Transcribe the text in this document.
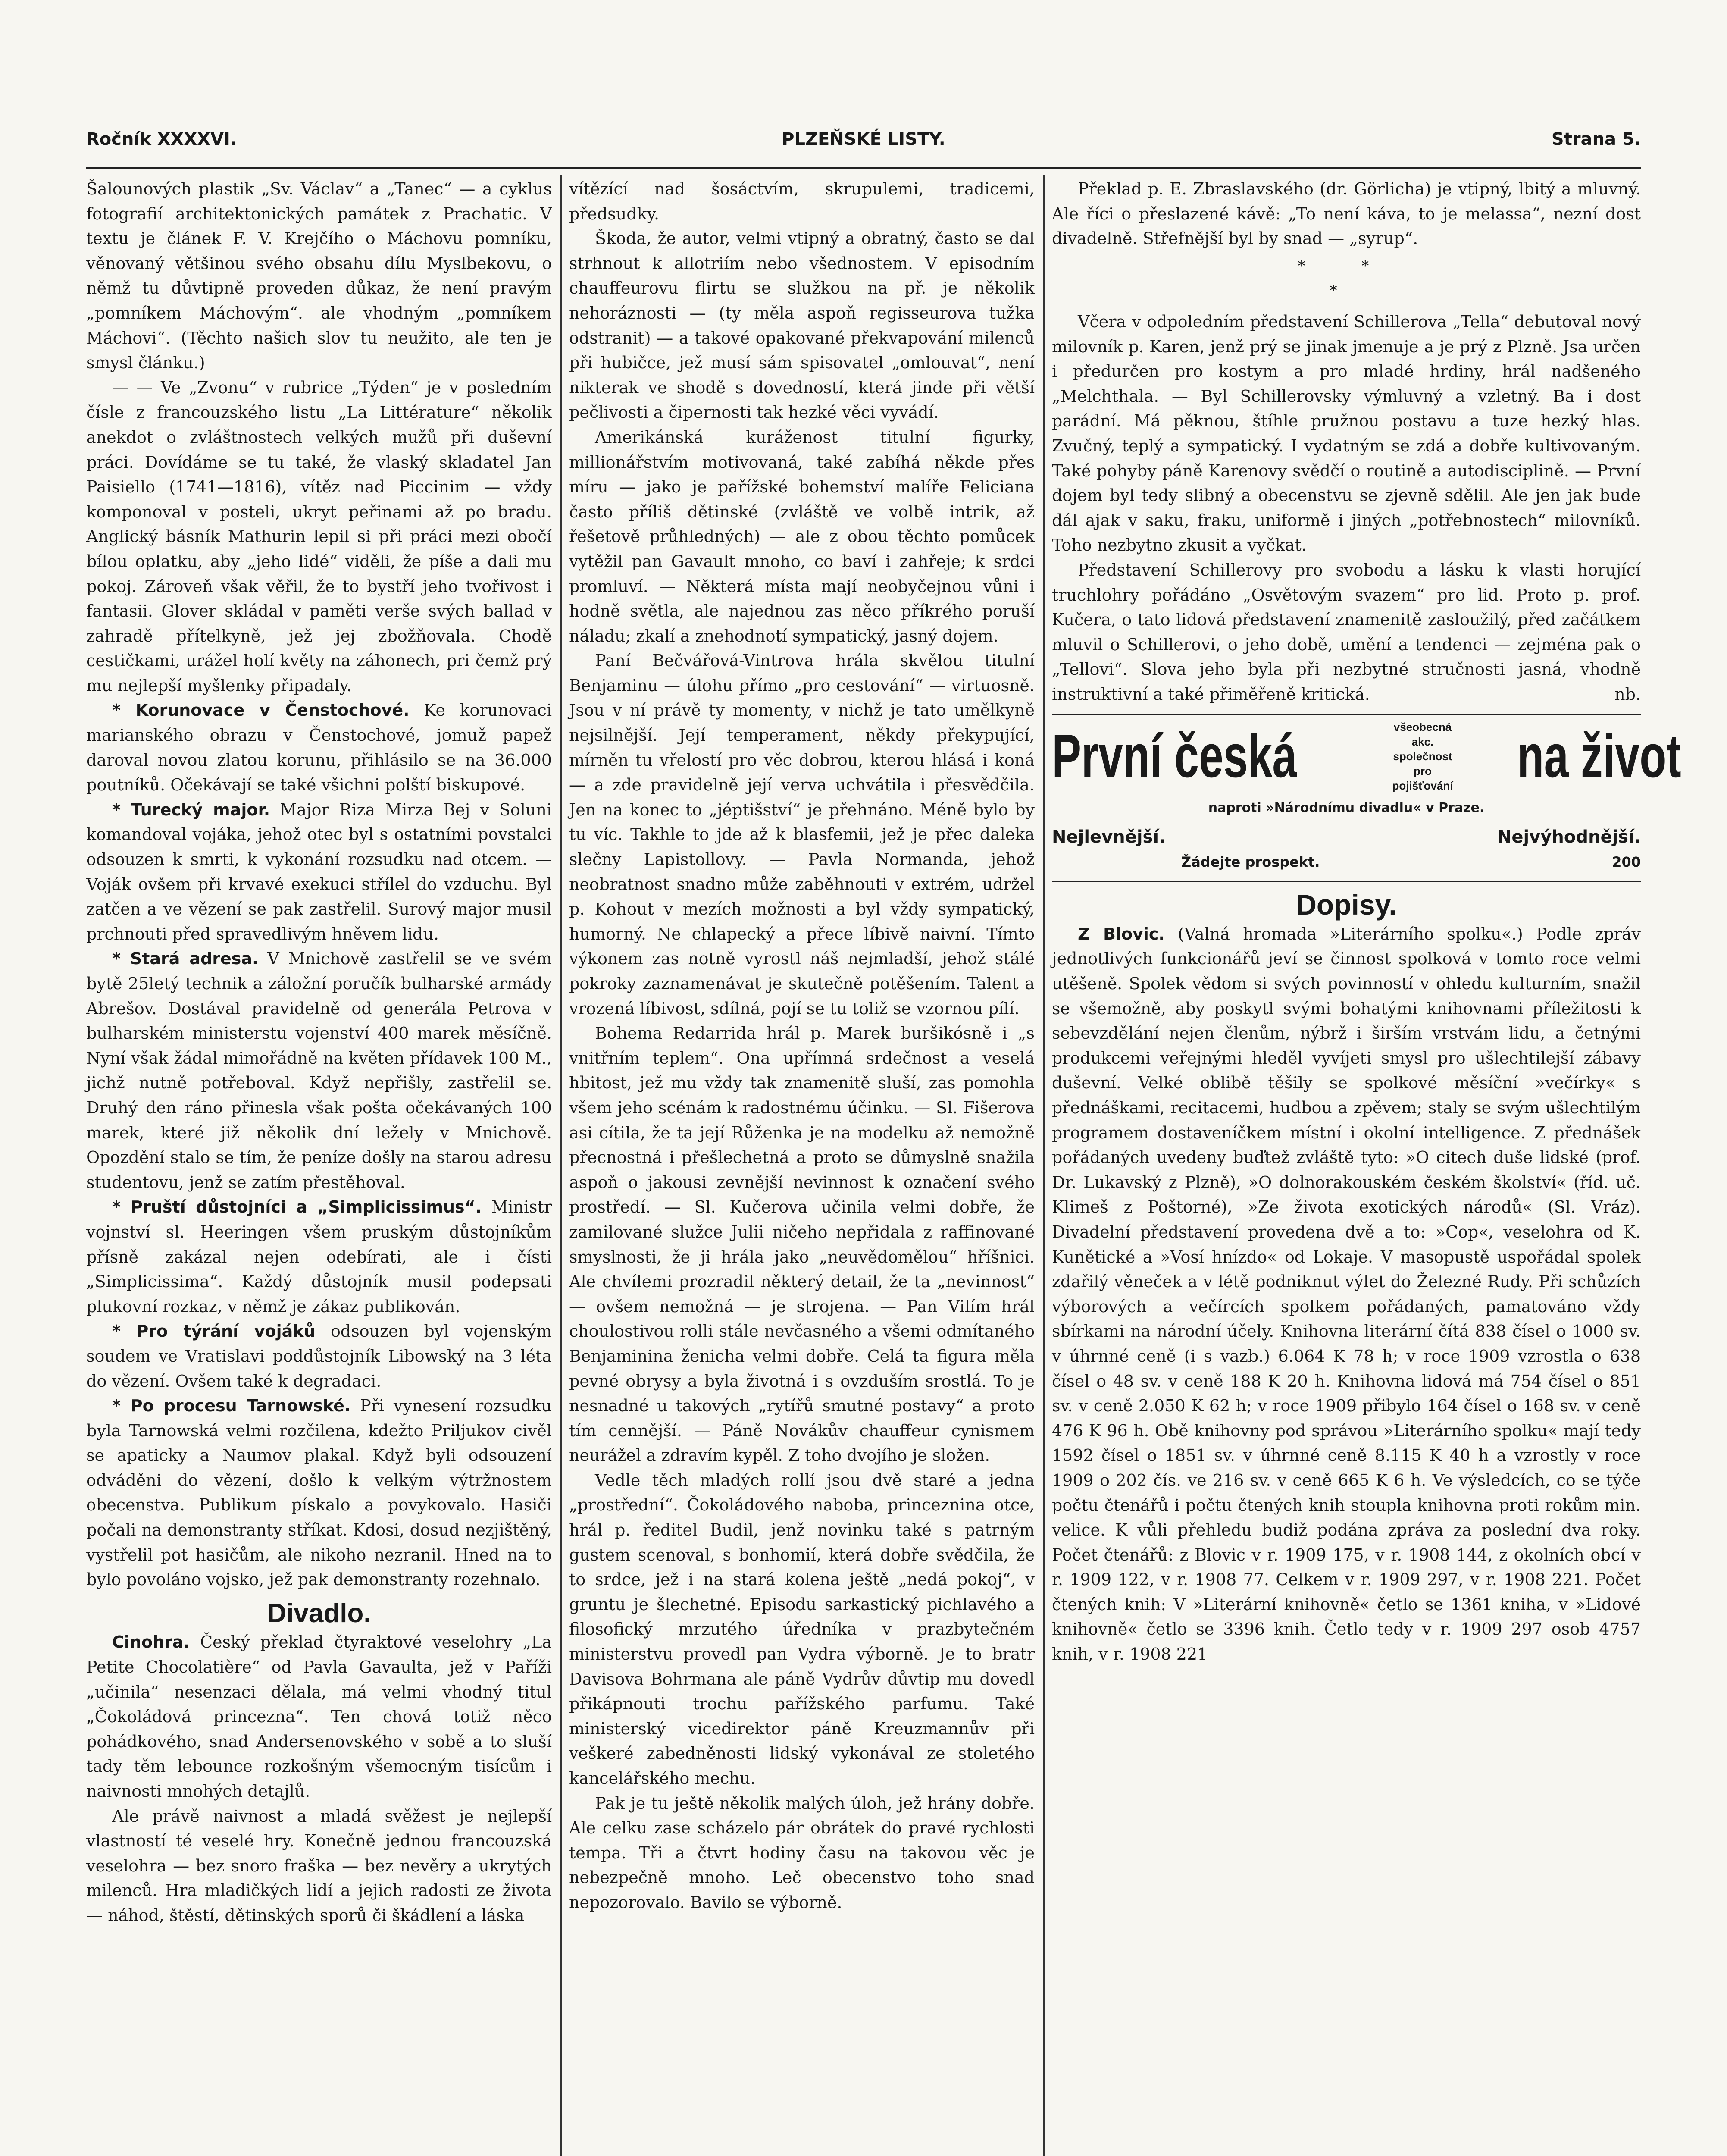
Ročník XXXXVI.	PLZEŇSKÉ LISTY.	Strana 5.

Šalounových plastik „Sv. Václav“ a „Tanec“ — a cyklus fotografií architektonických památek z Prachatic. V textu je článek F. V. Krejčího o Máchovu pomníku, věnovaný většinou svého obsahu dílu Myslbekovu, o němž tu důvtipně proveden důkaz, že není pravým „pomníkem Máchovým“. ale vhodným „pomníkem Máchovi“. (Těchto našich slov tu neužito, ale ten je smysl článku.)

— — Ve „Zvonu“ v rubrice „Týden“ je v posledním čísle z francouzského listu „La Littérature“ několik anekdot o zvláštnostech velkých mužů při duševní práci. Dovídáme se tu také, že vlaský skladatel Jan Paisiello (1741—1816), vítěz nad Piccinim — vždy komponoval v posteli, ukryt peřinami až po bradu. Anglický básník Mathurin lepil si při práci mezi obočí bílou oplatku, aby „jeho lidé“ viděli, že píše a dali mu pokoj. Zároveň však věřil, že to bystří jeho tvořivost i fantasii. Glover skládal v paměti verše svých ballad v zahradě přítelkyně, jež jej zbožňovala. Chodě cestičkami, urážel holí květy na záhonech, pri čemž prý mu nejlepší myšlenky připadaly.

* Korunovace v Čenstochové. Ke korunovaci marianského obrazu v Čenstochové, jomuž papež daroval novou zlatou korunu, přihlásilo se na 36.000 poutníků. Očekávají se také všichni polští biskupové.

* Turecký major. Major Riza Mirza Bej v Soluni komandoval vojáka, jehož otec byl s ostatními povstalci odsouzen k smrti, k vykonání rozsudku nad otcem. — Voják ovšem při krvavé exekuci střílel do vzduchu. Byl zatčen a ve vězení se pak zastřelil. Surový major musil prchnouti před spravedlivým hněvem lidu.

* Stará adresa. V Mnichově zastřelil se ve svém bytě 25letý technik a záložní poručík bulharské armády Abrešov. Dostával pravidelně od generála Petrova v bulharském ministerstu vojenství 400 marek měsíčně. Nyní však žádal mimořádně na květen přídavek 100 M., jichž nutně potřeboval. Když nepřišly, zastřelil se. Druhý den ráno přinesla však pošta očekávaných 100 marek, které již několik dní ležely v Mnichově. Opozdění stalo se tím, že peníze došly na starou adresu studentovu, jenž se zatím přestěhoval.

* Pruští důstojníci a „Simplicissimus“. Ministr vojnství sl. Heeringen všem pruským důstojníkům přísně zakázal nejen odebírati, ale i čísti „Simplicissima“. Každý důstojník musil podepsati plukovní rozkaz, v němž je zákaz publikován.

* Pro týrání vojáků odsouzen byl vojenským soudem ve Vratislavi poddůstojník Libowský na 3 léta do vězení. Ovšem také k degradaci.

* Po procesu Tarnowské. Při vynesení rozsudku byla Tarnowská velmi rozčilena, kdežto Priljukov civěl se apaticky a Naumov plakal. Když byli odsouzení odváděni do vězení, došlo k velkým výtržnostem obecenstva. Publikum pískalo a povykovalo. Hasiči počali na demonstranty stříkat. Kdosi, dosud nezjištěný, vystřelil pot hasičům, ale nikoho nezranil. Hned na to bylo povoláno vojsko, jež pak demonstranty rozehnalo.

Divadlo.

Cinohra. Český překlad čtyraktové veselohry „La Petite Chocolatière“ od Pavla Gavaulta, jež v Paříži „učinila“ nesenzaci dělala, má velmi vhodný titul „Čokoládová princezna“. Ten chová totiž něco pohádkového, snad Andersenovského v sobě a to sluší tady těm lebounce rozkošným všemocným tisícům i naivnosti mnohých detajlů.

Ale právě naivnost a mladá svěžest je nejlepší vlastností té veselé hry. Konečně jednou francouzská veselohra — bez snoro fraška — bez nevěry a ukrytých milenců. Hra mladičkých lidí a jejich radosti ze života — náhod, štěstí, dětinských sporů či škádlení a láska

vítězící nad šosáctvím, skrupulemi, tradicemi, předsudky.

Škoda, že autor, velmi vtipný a obratný, často se dal strhnout k allotriím nebo všednostem. V episodním chauffeurovu flirtu se služkou na př. je několik nehoráznosti — (ty měla aspoň regisseurova tužka odstranit) — a takové opakované překvapování milenců při hubičce, jež musí sám spisovatel „omlouvat“, není nikterak ve shodě s dovedností, která jinde při větší pečlivosti a čipernosti tak hezké věci vyvádí.

Amerikánská kuráženost titulní figurky, millionářstvím motivovaná, také zabíhá někde přes míru — jako je pařížské bohemství malíře Feliciana často příliš dětinské (zvláště ve volbě intrik, až řešetově průhledných) — ale z obou těchto pomůcek vytěžil pan Gavault mnoho, co baví i zahřeje; k srdci promluví. — Některá místa mají neobyčejnou vůni i hodně světla, ale najednou zas něco příkrého poruší náladu; zkalí a znehodnotí sympatický, jasný dojem.

Paní Bečvářová-Vintrova hrála skvělou titulní Benjaminu — úlohu přímo „pro cestování“ — virtuosně. Jsou v ní právě ty momenty, v nichž je tato umělkyně nejsilnější. Její temperament, někdy překypující, mírněn tu vřelostí pro věc dobrou, kterou hlásá i koná — a zde pravidelně její verva uchvátila i přesvědčila. Jen na konec to „jéptišství“ je přehnáno. Méně bylo by tu víc. Takhle to jde až k blasfemii, jež je přec daleka slečny Lapistollovy. — Pavla Normanda, jehož neobratnost snadno může zaběhnouti v extrém, udržel p. Kohout v mezích možnosti a byl vždy sympatický, humorný. Ne chlapecký a přece líbivě naivní. Tímto výkonem zas notně vyrostl náš nejmladší, jehož stálé pokroky zaznamenávat je skutečně potěšením. Talent a vrozená líbivost, sdílná, pojí se tu toliž se vzornou pílí.

Bohema Redarrida hrál p. Marek buršikósně i „s vnitřním teplem“. Ona upřímná srdečnost a veselá hbitost, jež mu vždy tak znamenitě sluší, zas pomohla všem jeho scénám k radostnému účinku. — Sl. Fišerova asi cítila, že ta její Růženka je na modelku až nemožně přecnostná i přešlechetná a proto se důmyslně snažila aspoň o jakousi zevnější nevinnost k označení svého prostředí. — Sl. Kučerova učinila velmi dobře, že zamilované služce Julii ničeho nepřidala z raffinované smyslnosti, že ji hrála jako „neuvědomělou“ hříšnici. Ale chvílemi prozradil některý detail, že ta „nevinnost“ — ovšem nemožná — je strojena. — Pan Vilím hrál choulostivou rolli stále nevčasného a všemi odmítaného Benjaminina ženicha velmi dobře. Celá ta figura měla pevné obrysy a byla životná i s ovzduším srostlá. To je nesnadné u takových „rytířů smutné postavy“ a proto tím cennější. — Páně Novákův chauffeur cynismem neurážel a zdravím kypěl. Z toho dvojího je složen.

Vedle těch mladých rollí jsou dvě staré a jedna „prostřední“. Čokoládového naboba, princeznina otce, hrál p. ředitel Budil, jenž novinku také s patrným gustem scenoval, s bonhomií, která dobře svědčila, že to srdce, jež i na stará kolena ještě „nedá pokoj“, v gruntu je šlechetné. Episodu sarkastický pichlavého a filosofický mrzutého úředníka v prazbytečném ministerstvu provedl pan Vydra výborně. Je to bratr Davisova Bohrmana ale páně Vydrův důvtip mu dovedl přikápnouti trochu pařížského parfumu. Také ministerský vicedirektor páně Kreuzmannův při veškeré zabedněnosti lidský vykonával ze stoletého kancelářského mechu.

Pak je tu ještě několik malých úloh, jež hrány dobře. Ale celku zase scházelo pár obrátek do pravé rychlosti tempa. Tři a čtvrt hodiny času na takovou věc je nebezpečně mnoho. Leč obecenstvo toho snad nepozorovalo. Bavilo se výborně.

Překlad p. E. Zbraslavského (dr. Görlicha) je vtipný, lbitý a mluvný. Ale říci o přeslazené kávě: „To není káva, to je melassa“, nezní dost divadelně. Střefnější byl by snad — „syrup“.

* *
*

Včera v odpoledním představení Schillerova „Tella“ debutoval nový milovník p. Karen, jenž prý se jinak jmenuje a je prý z Plzně. Jsa určen i předurčen pro kostym a pro mladé hrdiny, hrál nadšeného „Melchthala. — Byl Schillerovsky výmluvný a vzletný. Ba i dost parádní. Má pěknou, štíhle pružnou postavu a tuze hezký hlas. Zvučný, teplý a sympatický. I vydatným se zdá a dobře kultivovaným. Také pohyby páně Karenovy svědčí o routině a autodisciplině. — První dojem byl tedy slibný a obecenstvu se zjevně sdělil. Ale jen jak bude dál ajak v saku, fraku, uniformě i jiných „potřebnostech“ milovníků. Toho nezbytno zkusit a vyčkat.

Představení Schillerovy pro svobodu a lásku k vlasti horující truchlohry pořádáno „Osvětovým svazem“ pro lid. Proto p. prof. Kučera, o tato lidová představení znamenitě zasloužilý, před začátkem mluvil o Schillerovi, o jeho době, umění a tendenci — zejména pak o „Tellovi“. Slova jeho byla při nezbytné stručnosti jasná, vhodně instruktivní a také přiměřeně kritická.	nb.

První česká	všeobecná akc.
společnost
pro pojišťování na život
naproti »Národnímu divadlu« v Praze.
Nejlevnější.	Nejvýhodnější.
Žádejte prospekt.	200
Dopisy.

Z Blovic. (Valná hromada »Literárního spolku«.) Podle zpráv jednotlivých funkcionářů jeví se činnost spolková v tomto roce velmi utěšeně. Spolek vědom si svých povinností v ohledu kulturním, snažil se všemožně, aby poskytl svými bohatými knihovnami příležitosti k sebevzdělání nejen členům, nýbrž i širším vrstvám lidu, a četnými produkcemi veřejnými hleděl vyvíjeti smysl pro ušlechtilejší zábavy duševní. Velké oblibě těšily se spolkové měsíční »večírky« s přednáškami, recitacemi, hudbou a zpěvem; staly se svým ušlechtilým programem dostaveníčkem místní i okolní intelligence. Z přednášek pořádaných uvedeny buďtež zvláště tyto: »O citech duše lidské (prof. Dr. Lukavský z Plzně), »O dolnorakouském českém školství« (říd. uč. Klimeš z Poštorné), »Ze života exotických národů« (Sl. Vráz). Divadelní představení provedena dvě a to: »Cop«, veselohra od K. Kunětické a »Vosí hnízdo« od Lokaje. V masopustě uspořádal spolek zdařilý věneček a v létě podniknut výlet do Železné Rudy. Při schůzích výborových a večírcích spolkem pořádaných, pamatováno vždy sbírkami na národní účely. Knihovna literární čítá 838 čísel o 1000 sv. v úhrnné ceně (i s vazb.) 6.064 K 78 h; v roce 1909 vzrostla o 638 čísel o 48 sv. v ceně 188 K 20 h. Knihovna lidová má 754 čísel o 851 sv. v ceně 2.050 K 62 h; v roce 1909 přibylo 164 čísel o 168 sv. v ceně 476 K 96 h. Obě knihovny pod správou »Literárního spolku« mají tedy 1592 čísel o 1851 sv. v úhrnné ceně 8.115 K 40 h a vzrostly v roce 1909 o 202 čís. ve 216 sv. v ceně 665 K 6 h. Ve výsledcích, co se týče počtu čtenářů i počtu čtených knih stoupla knihovna proti rokům min. velice. K vůli přehledu budiž podána zpráva za poslední dva roky. Počet čtenářů: z Blovic v r. 1909 175, v r. 1908 144, z okolních obcí v r. 1909 122, v r. 1908 77. Celkem v r. 1909 297, v r. 1908 221. Počet čtených knih: V »Literární knihovně« četlo se 1361 kniha, v »Lidové knihovně« četlo se 3396 knih. Četlo tedy v r. 1909 297 osob 4757 knih, v r. 1908 221
